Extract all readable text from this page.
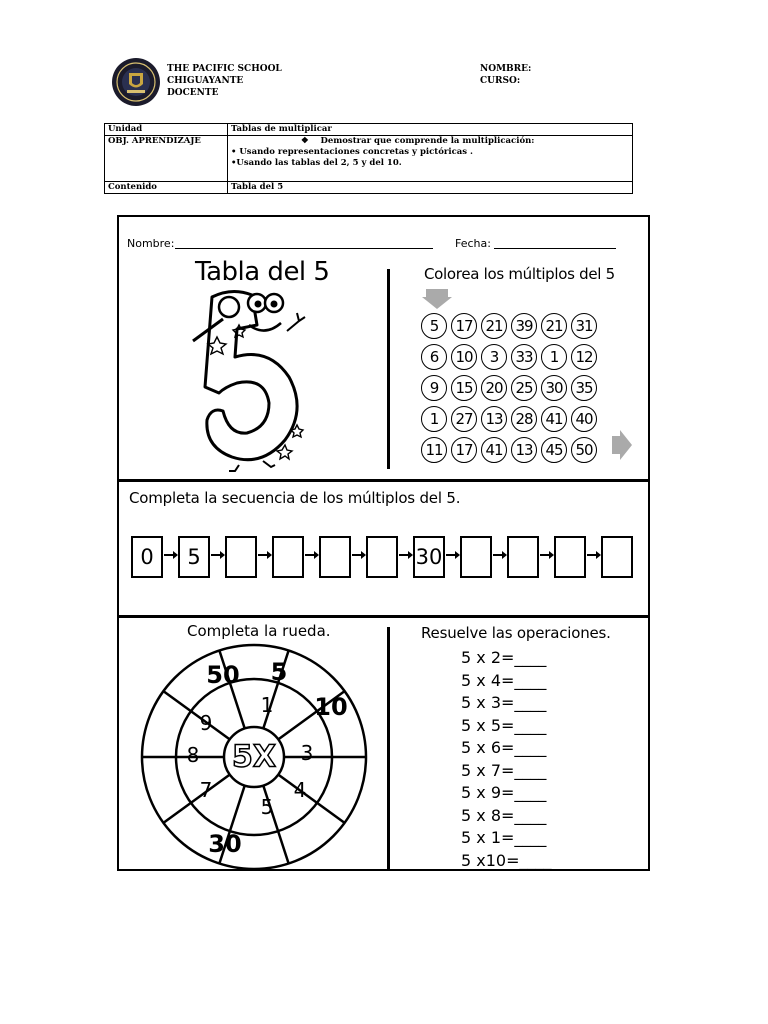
THE PACIFIC SCHOOL
CHIGUAYANTE
DOCENTE
NOMBRE:
CURSO:
Unidad	Tablas de multiplicar
OBJ. APRENDIZAJE	❖ Demostrar que comprende la multiplicación:
• Usando representaciones concretas y pictóricas .
•Usando las tablas del 2, 5 y del 10.

Contenido	Tabla del 5
Nombre:	Fecha:
Tabla del 5	Colorea los múltiplos del 5
5	17 21 39 21 31
6	10	3	33	1	12
9	15 20 25 30 35
1	27 13 28 41 40
11 17 41 13 45 50
Completa la secuencia de los múltiplos del 5.
0	5	30
Completa la rueda.
5X
1
3
4
5
7
8
9
50 5
10
30
Resuelve las operaciones.
5 x 2=____
5 x 4=____
5 x 3=____
5 x 5=____
5 x 6=____
5 x 7=____
5 x 9=____
5 x 8=____
5 x 1=____
5 x10=____
